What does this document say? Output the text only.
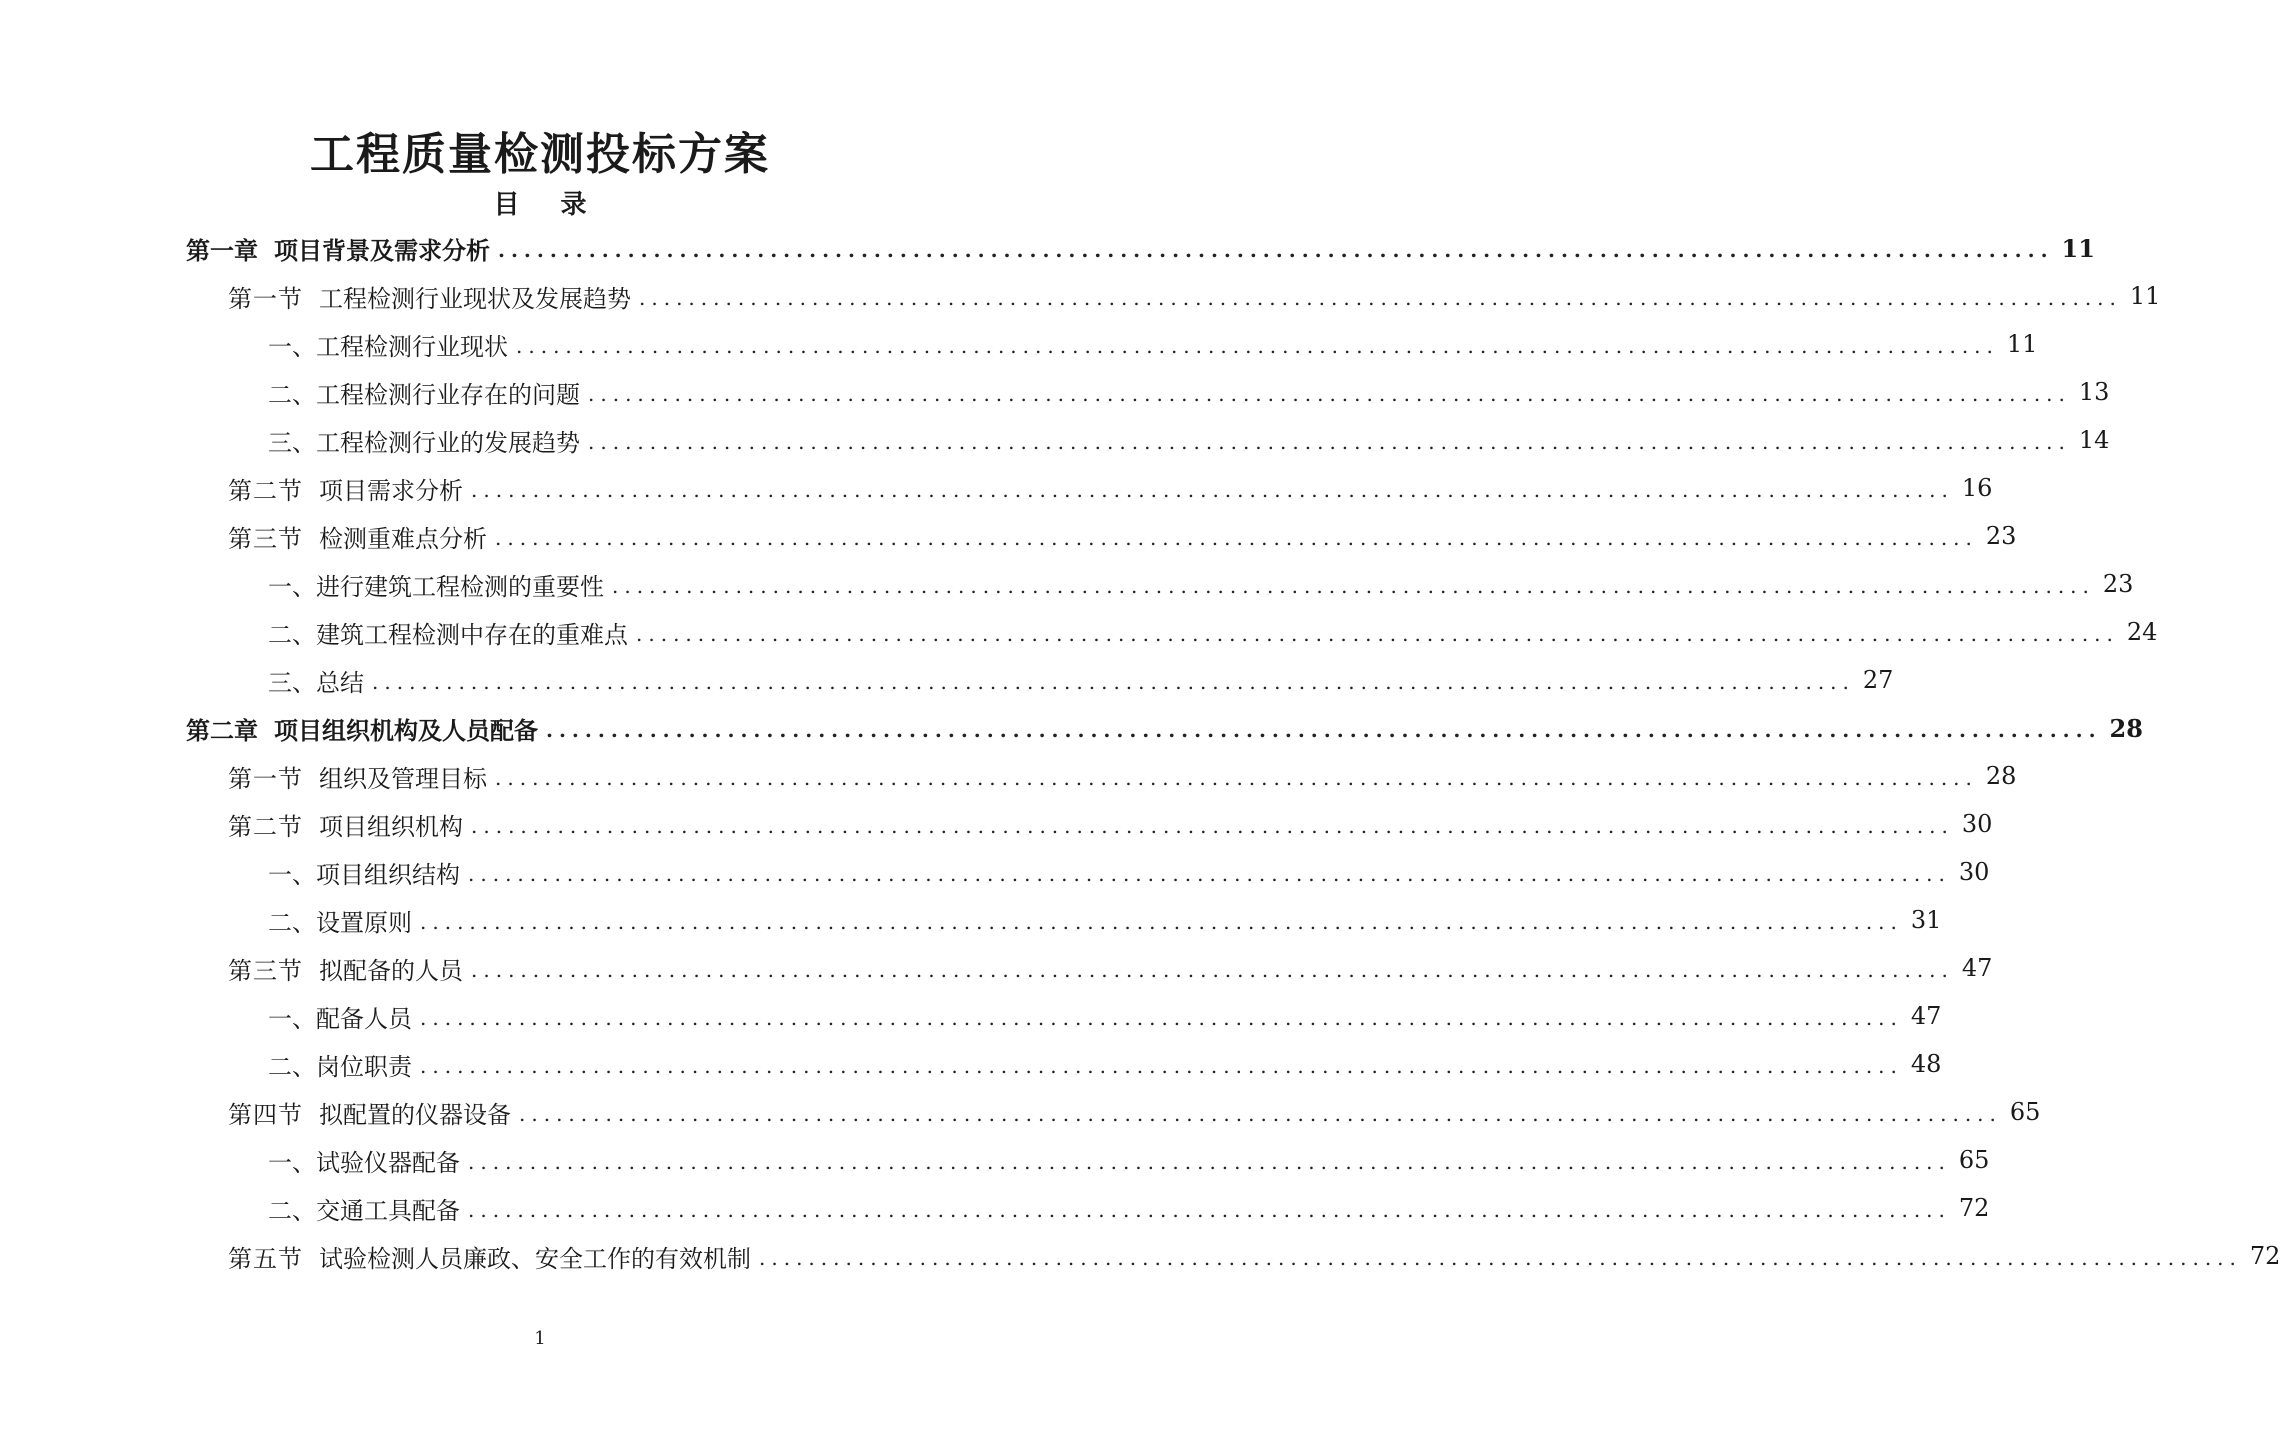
工程质量检测投标方案
目 录
第一章 项目背景及需求分析 ........................................................................................................................ 11
第一节 工程检测行业现状及发展趋势 ........................................................................................................................ 11
一、工程检测行业现状 ........................................................................................................................ 11
二、工程检测行业存在的问题 ........................................................................................................................ 13
三、工程检测行业的发展趋势 ........................................................................................................................ 14
第二节 项目需求分析 ........................................................................................................................ 16
第三节 检测重难点分析 ........................................................................................................................ 23
一、进行建筑工程检测的重要性 ........................................................................................................................ 23
二、建筑工程检测中存在的重难点 ........................................................................................................................ 24
三、总结 ........................................................................................................................ 27
第二章 项目组织机构及人员配备 ........................................................................................................................ 28
第一节 组织及管理目标 ........................................................................................................................ 28
第二节 项目组织机构 ........................................................................................................................ 30
一、项目组织结构 ........................................................................................................................ 30
二、设置原则 ........................................................................................................................ 31
第三节 拟配备的人员 ........................................................................................................................ 47
一、配备人员 ........................................................................................................................ 47
二、岗位职责 ........................................................................................................................ 48
第四节 拟配置的仪器设备 ........................................................................................................................ 65
一、试验仪器配备 ........................................................................................................................ 65
二、交通工具配备 ........................................................................................................................ 72
第五节 试验检测人员廉政、安全工作的有效机制 ........................................................................................................................ 72
1
